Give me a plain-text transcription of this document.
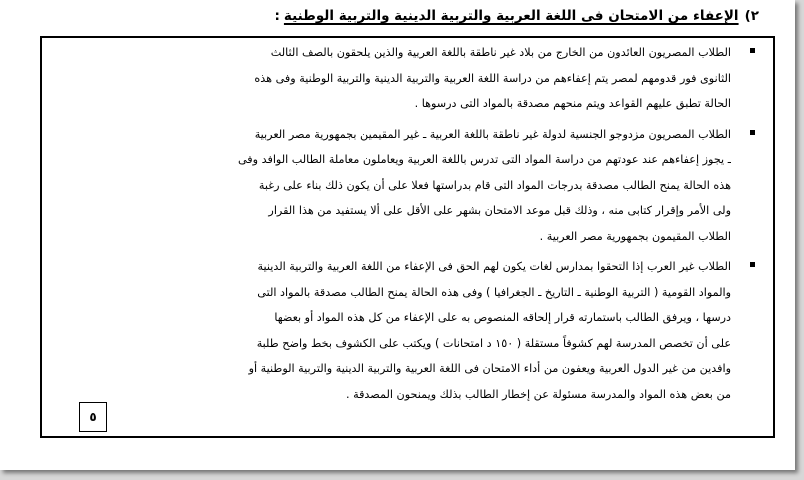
٢)الإعفاء من الامتحان فى اللغة العربية والتربية الدينية والتربية الوطنية:
الطلاب المصريون العائدون من الخارج من بلاد غير ناطقة باللغة العربية والذين يلحقون بالصف الثالث
الثانوى فور قدومهم لمصر يتم إعفاءهم من دراسة اللغة العربية والتربية الدينية والتربية الوطنية وفى هذه
الحالة تطبق عليهم القواعد ويتم منحهم مصدقة بالمواد التى درسوها .
الطلاب المصريون مزدوجو الجنسية لدولة غير ناطقة باللغة العربية ـ غير المقيمين بجمهورية مصر العربية
ـ يجوز إعفاءهم عند عودتهم من دراسة المواد التى تدرس باللغة العربية ويعاملون معاملة الطالب الوافد وفى
هذه الحالة يمنح الطالب مصدقة بدرجات المواد التى قام بدراستها فعلا على أن يكون ذلك بناء على رغبة
ولى الأمر وإقرار كتابى منه ، وذلك قبل موعد الامتحان بشهر على الأقل على ألا يستفيد من هذا القرار
الطلاب المقيمون بجمهورية مصر العربية .
الطلاب غير العرب إذا التحقوا بمدارس لغات يكون لهم الحق فى الإعفاء من اللغة العربية والتربية الدينية
والمواد القومية ( التربية الوطنية ـ التاريخ ـ الجغرافيا ) وفى هذه الحالة يمنح الطالب مصدقة بالمواد التى
درسها ، ويرفق الطالب باستمارته قرار إلحاقه المنصوص به على الإعفاء من كل هذه المواد أو بعضها
على أن تخصص المدرسة لهم كشوفاً مستقلة ( ١٥٠ د امتحانات ) ويكتب على الكشوف بخط واضح طلبة
وافدين من غير الدول العربية ويعفون من أداء الامتحان فى اللغة العربية والتربية الدينية والتربية الوطنية أو
من بعض هذه المواد والمدرسة مسئولة عن إخطار الطالب بذلك ويمنحون المصدقة .
٥
